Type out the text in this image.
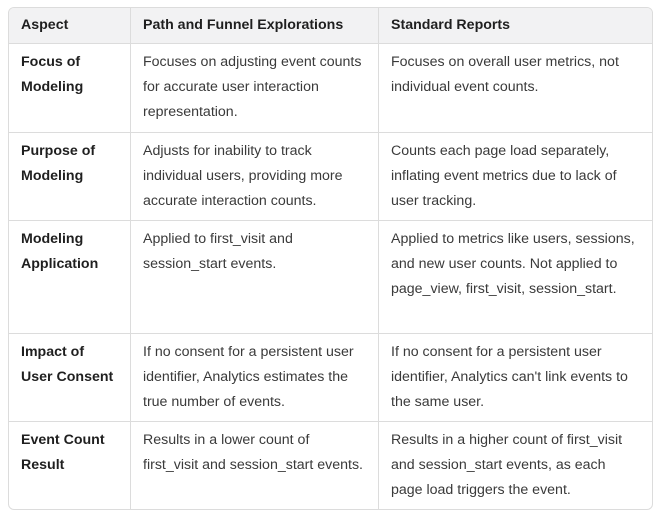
Aspect	Path and Funnel Explorations	Standard Reports
Focus of Modeling	Focuses on adjusting event counts for accurate user interaction representation.	Focuses on overall user metrics, not individual event counts.
Purpose of Modeling	Adjusts for inability to track individual users, providing more accurate interaction counts.	Counts each page load separately, inflating event metrics due to lack of user tracking.
Modeling Application	Applied to first_visit and session_start events.	Applied to metrics like users, sessions, and new user counts. Not applied to page_view, first_visit, session_start.
Impact of User Consent	If no consent for a persistent user identifier, Analytics estimates the true number of events.	If no consent for a persistent user identifier, Analytics can't link events to the same user.
Event Count Result	Results in a lower count of first_visit and session_start events.	Results in a higher count of first_visit and session_start events, as each page load triggers the event.
